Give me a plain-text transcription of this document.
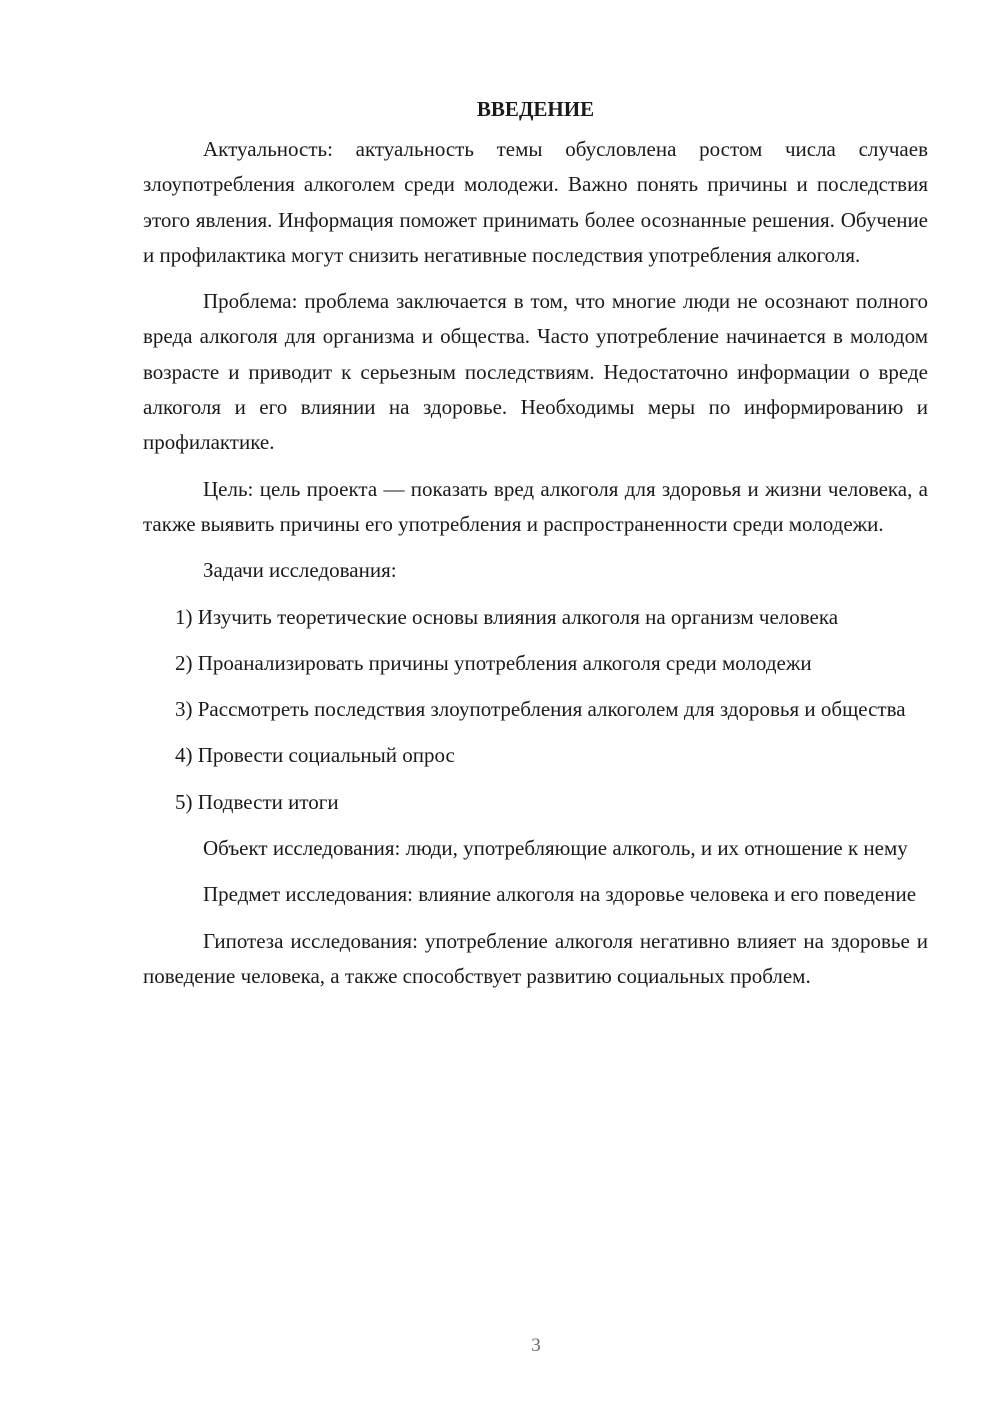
ВВЕДЕНИЕ

Актуальность: актуальность темы обусловлена ростом числа случаев злоупотребления алкоголем среди молодежи. Важно понять причины и последствия этого явления. Информация поможет принимать более осознанные решения. Обучение и профилактика могут снизить негативные последствия употребления алкоголя.

Проблема: проблема заключается в том, что многие люди не осознают полного вреда алкоголя для организма и общества. Часто употребление начинается в молодом возрасте и приводит к серьезным последствиям. Недостаточно информации о вреде алкоголя и его влиянии на здоровье. Необходимы меры по информированию и профилактике.

Цель: цель проекта — показать вред алкоголя для здоровья и жизни человека, а также выявить причины его употребления и распространенности среди молодежи.

Задачи исследования:

1) Изучить теоретические основы влияния алкоголя на организм человека

2) Проанализировать причины употребления алкоголя среди молодежи

3) Рассмотреть последствия злоупотребления алкоголем для здоровья и общества

4) Провести социальный опрос

5) Подвести итоги

Объект исследования: люди, употребляющие алкоголь, и их отношение к нему

Предмет исследования: влияние алкоголя на здоровье человека и его поведение

Гипотеза исследования: употребление алкоголя негативно влияет на здоровье и поведение человека, а также способствует развитию социальных проблем.

3
